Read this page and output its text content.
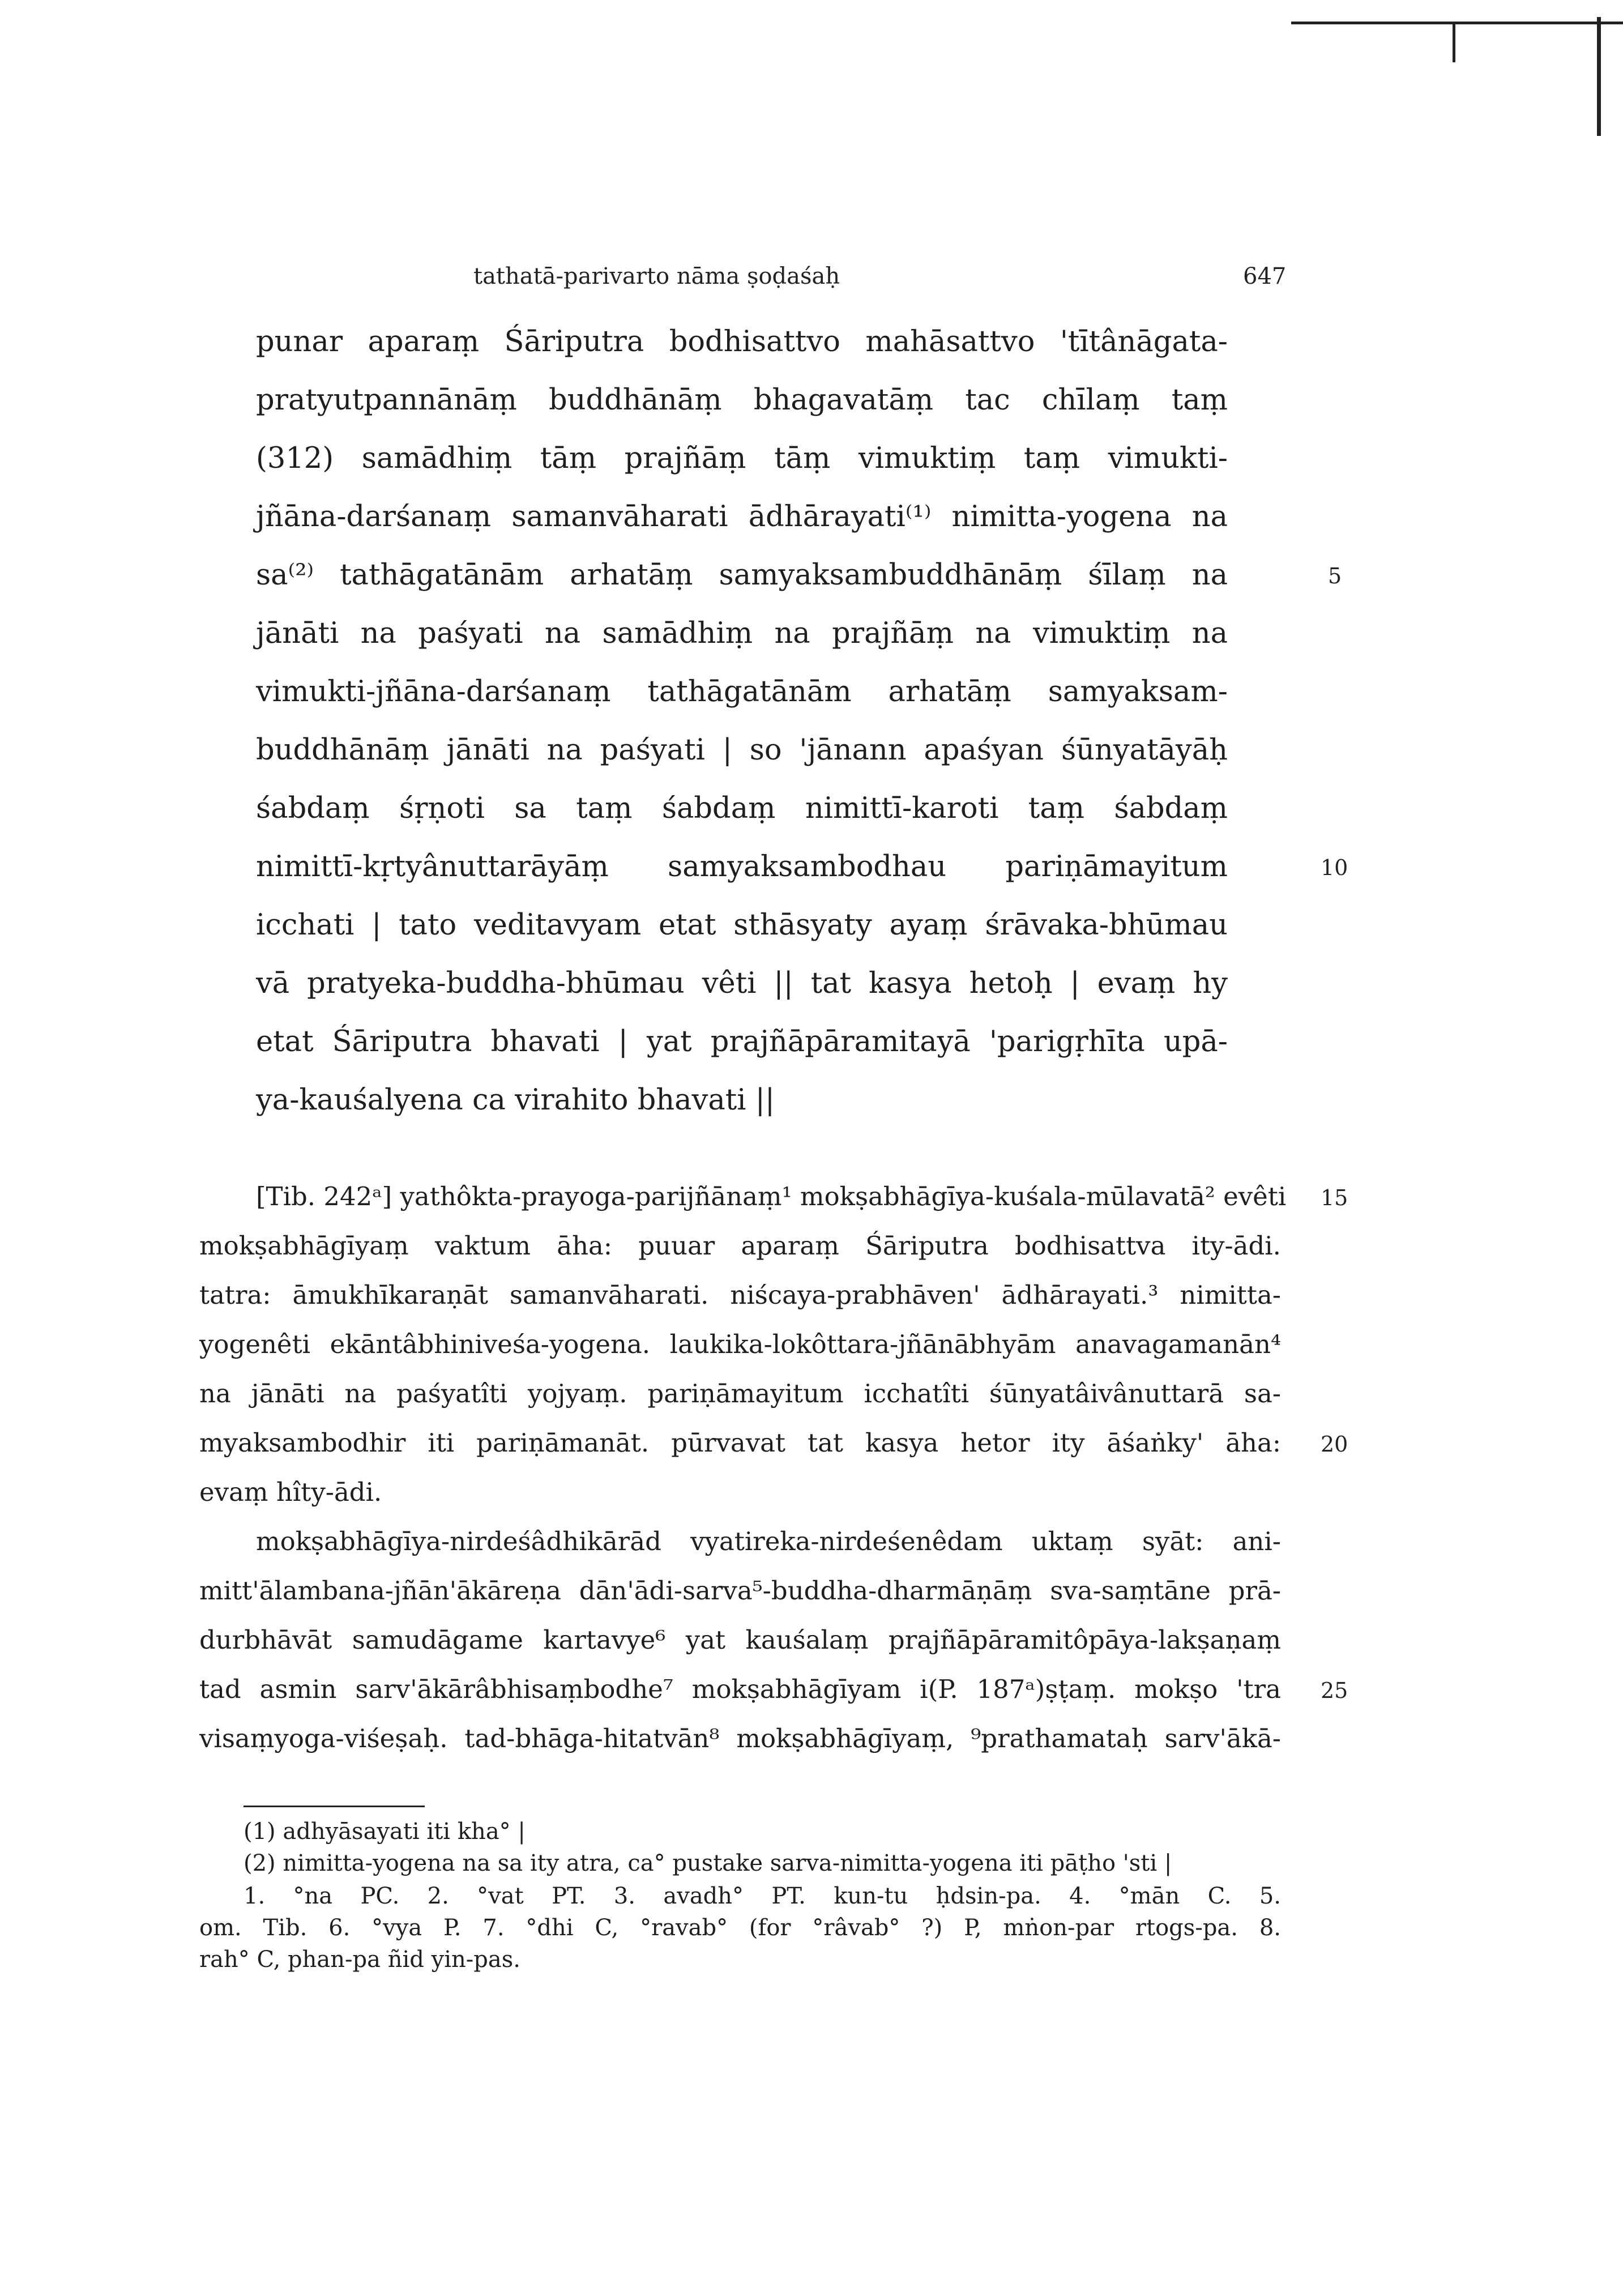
tathatā-parivarto nāma ṣoḍaśaḥ	647
punar aparaṃ Śāriputra bodhisattvo mahāsattvo 'tītânāgata-
pratyutpannānāṃ buddhānāṃ bhagavatāṃ tac chīlaṃ taṃ
(312) samādhiṃ tāṃ prajñāṃ tāṃ vimuktiṃ taṃ vimukti-
jñāna-darśanaṃ samanvāharati ādhārayati⁽¹⁾ nimitta-yogena na
sa⁽²⁾ tathāgatānām arhatāṃ samyaksambuddhānāṃ śīlaṃ na
jānāti na paśyati na samādhiṃ na prajñāṃ na vimuktiṃ na
vimukti-jñāna-darśanaṃ tathāgatānām arhatāṃ samyaksam-
buddhānāṃ jānāti na paśyati | so 'jānann apaśyan śūnyatāyāḥ
śabdaṃ śṛṇoti sa taṃ śabdaṃ nimittī-karoti taṃ śabdaṃ
nimittī-kṛtyânuttarāyāṃ samyaksambodhau pariṇāmayitum
icchati | tato veditavyam etat sthāsyaty ayaṃ śrāvaka-bhūmau
vā pratyeka-buddha-bhūmau vêti || tat kasya hetoḥ | evaṃ hy
etat Śāriputra bhavati | yat prajñāpāramitayā 'parigṛhīta upā-
ya-kauśalyena ca virahito bhavati ||
5
10
[Tib. 242ᵃ] yathôkta-prayoga-parijñānaṃ¹ mokṣabhāgīya-kuśala-mūlavatā² evêti
mokṣabhāgīyaṃ vaktum āha: puuar aparaṃ Śāriputra bodhisattva ity-ādi.
tatra: āmukhīkaraṇāt samanvāharati. niścaya-prabhāven' ādhārayati.³ nimitta-
yogenêti ekāntâbhiniveśa-yogena. laukika-lokôttara-jñānābhyām anavagamanān⁴
na jānāti na paśyatîti yojyaṃ. pariṇāmayitum icchatîti śūnyatâivânuttarā sa-
myaksambodhir iti pariṇāmanāt. pūrvavat tat kasya hetor ity āśaṅky' āha:
evaṃ hîty-ādi.
mokṣabhāgīya-nirdeśâdhikārād vyatireka-nirdeśenêdam uktaṃ syāt: ani-
mitt'ālambana-jñān'ākāreṇa dān'ādi-sarva⁵-buddha-dharmāṇāṃ sva-saṃtāne prā-
durbhāvāt samudāgame kartavye⁶ yat kauśalaṃ prajñāpāramitôpāya-lakṣaṇaṃ
tad asmin sarv'ākārâbhisaṃbodhe⁷ mokṣabhāgīyam i(P. 187ᵃ)ṣṭaṃ. mokṣo 'tra
visaṃyoga-viśeṣaḥ. tad-bhāga-hitatvān⁸ mokṣabhāgīyaṃ, ⁹prathamataḥ sarv'ākā-
15
20
25
(1) adhyāsayati iti kha° |
(2) nimitta-yogena na sa ity atra, ca° pustake sarva-nimitta-yogena iti pāṭho 'sti |
1. °na PC. 2. °vat PT. 3. avadh° PT. kun-tu ḥdsin-pa. 4. °mān C. 5.
om. Tib. 6. °vya P. 7. °dhi C, °ravab° (for °râvab° ?) P, mṅon-par rtogs-pa. 8.
rah° C, phan-pa ñid yin-pas.
